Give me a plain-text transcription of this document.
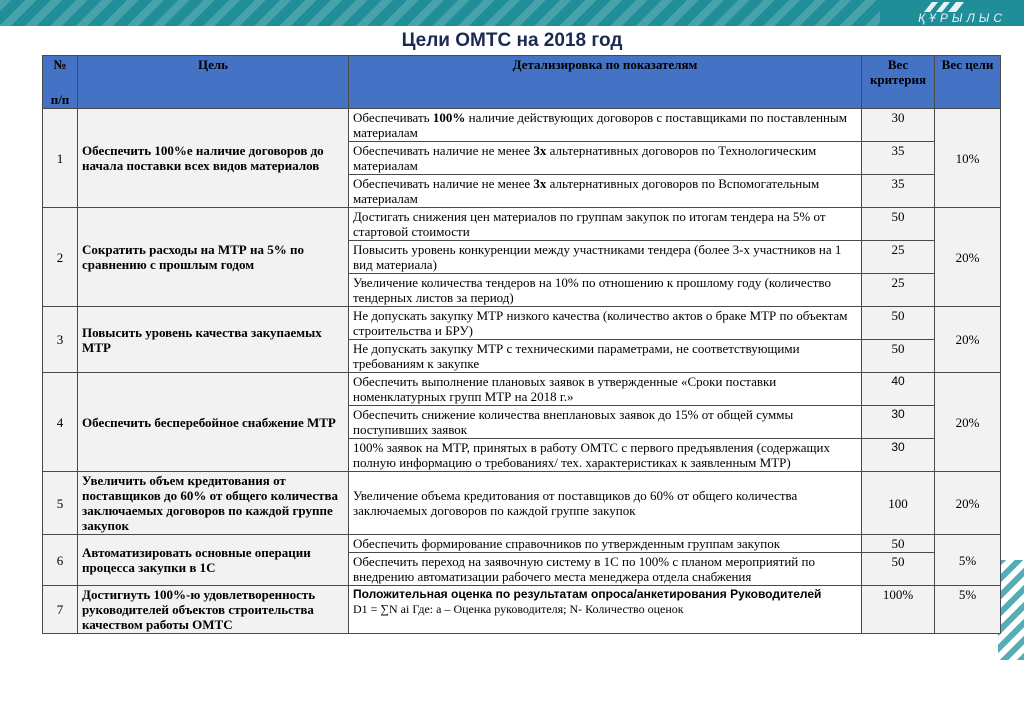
ҚҰРЫЛЫС
Цели ОМТС на 2018 год
№
п/п	Цель	Детализировка по показателям	Вес критерия	Вес цели
1	Обеспечить 100%е наличие договоров до начала поставки всех видов материалов	Обеспечивать 100% наличие действующих договоров с поставщиками по поставленным материалам	30	10%
		Обеспечивать наличие не менее 3х альтернативных договоров по Технологическим материалам	35	
		Обеспечивать наличие не менее 3х альтернативных договоров по Вспомогательным материалам	35	
2	Сократить расходы на МТР на 5% по сравнению с прошлым годом	Достигать снижения цен материалов по группам закупок по итогам тендера на 5% от стартовой стоимости	50	20%
		Повысить уровень конкуренции между участниками тендера (более 3-х участников на 1 вид материала)	25	
		Увеличение количества тендеров на 10% по отношению к прошлому году (количество тендерных листов за период)	25	
3	Повысить уровень качества закупаемых МТР	Не допускать закупку МТР низкого качества (количество актов о браке МТР по объектам строительства и БРУ)	50	20%
		Не допускать закупку МТР с техническими параметрами, не соответствующими требованиям к закупке	50	
4	Обеспечить бесперебойное снабжение МТР	Обеспечить выполнение плановых заявок в утвержденные «Сроки поставки номенклатурных групп МТР на 2018 г.»	40	20%
		Обеспечить снижение количества внеплановых заявок до 15% от общей суммы поступивших заявок	30	
		100% заявок на МТР, принятых в работу ОМТС с первого предъявления (содержащих полную информацию о требованиях/ тех. характеристиках к заявленным МТР)	30	
5	Увеличить объем кредитования от поставщиков до 60% от общего количества заключаемых договоров по каждой группе закупок	Увеличение объема кредитования от поставщиков до 60% от общего количества заключаемых договоров по каждой группе закупок	100	20%
6	Автоматизировать основные операции процесса закупки в 1С	Обеспечить формирование справочников по утвержденным группам закупок	50	5%
		Обеспечить переход на заявочную систему в 1С по 100% с планом мероприятий по внедрению автоматизации рабочего места менеджера отдела снабжения	50	
7	Достигнуть 100%-ю удовлетворенность руководителей объектов строительства качеством работы ОМТС	Положительная оценка по результатам опроса/анкетирования Руководителей
D1 = ∑N ai Где: a – Оценка руководителя; N- Количество оценок	100%	5%
